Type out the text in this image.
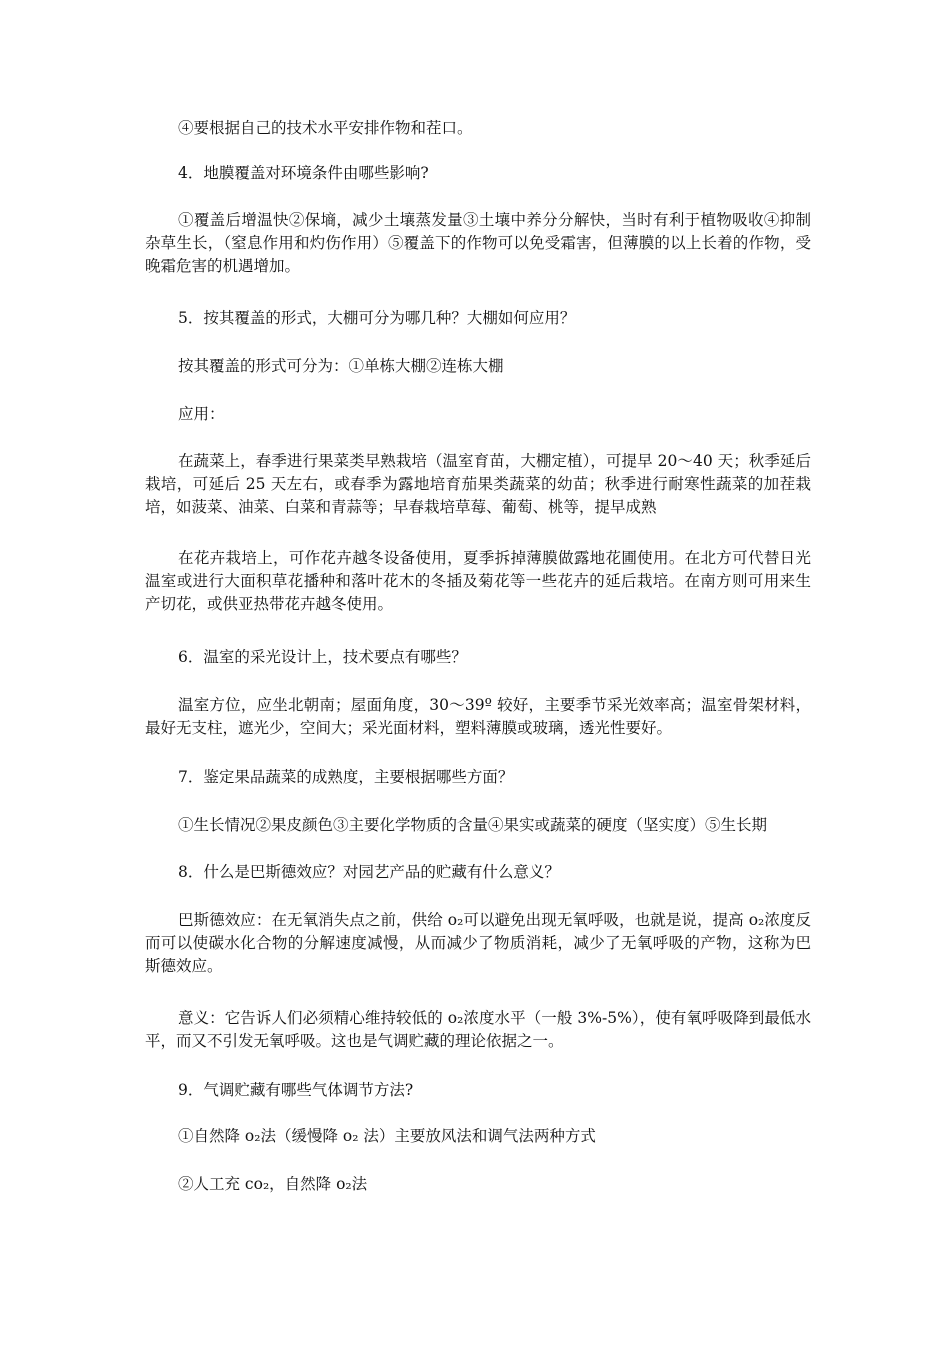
④要根据自己的技术水平安排作物和茬口。

4．地膜覆盖对环境条件由哪些影响?

①覆盖后增温快②保墒，减少土壤蒸发量③土壤中养分分解快，当时有利于植物吸收④抑制杂草生长，（窒息作用和灼伤作用）⑤覆盖下的作物可以免受霜害，但薄膜的以上长着的作物，受晚霜危害的机遇增加。

5．按其覆盖的形式，大棚可分为哪几种？大棚如何应用？

按其覆盖的形式可分为：①单栋大棚②连栋大棚

应用：

在蔬菜上，春季进行果菜类早熟栽培（温室育苗，大棚定植），可提早 20～40 天；秋季延后栽培，可延后 25 天左右，或春季为露地培育茄果类蔬菜的幼苗；秋季进行耐寒性蔬菜的加茬栽培，如菠菜、油菜、白菜和青蒜等；早春栽培草莓、葡萄、桃等，提早成熟

在花卉栽培上，可作花卉越冬设备使用，夏季拆掉薄膜做露地花圃使用。在北方可代替日光温室或进行大面积草花播种和落叶花木的冬插及菊花等一些花卉的延后栽培。在南方则可用来生产切花，或供亚热带花卉越冬使用。

6．温室的采光设计上，技术要点有哪些？

温室方位，应坐北朝南；屋面角度，30～39º 较好，主要季节采光效率高；温室骨架材料，最好无支柱，遮光少，空间大；采光面材料，塑料薄膜或玻璃，透光性要好。

7．鉴定果品蔬菜的成熟度，主要根据哪些方面？

①生长情况②果皮颜色③主要化学物质的含量④果实或蔬菜的硬度（坚实度）⑤生长期

8．什么是巴斯德效应？对园艺产品的贮藏有什么意义？

巴斯德效应：在无氧消失点之前，供给 o₂可以避免出现无氧呼吸，也就是说，提高 o₂浓度反而可以使碳水化合物的分解速度减慢，从而减少了物质消耗，减少了无氧呼吸的产物，这称为巴斯德效应。

意义：它告诉人们必须精心维持较低的 o₂浓度水平（一般 3%-5%），使有氧呼吸降到最低水平，而又不引发无氧呼吸。这也是气调贮藏的理论依据之一。

9．气调贮藏有哪些气体调节方法?

①自然降 o₂法（缓慢降 o₂ 法）主要放风法和调气法两种方式

②人工充 co₂，自然降 o₂法
